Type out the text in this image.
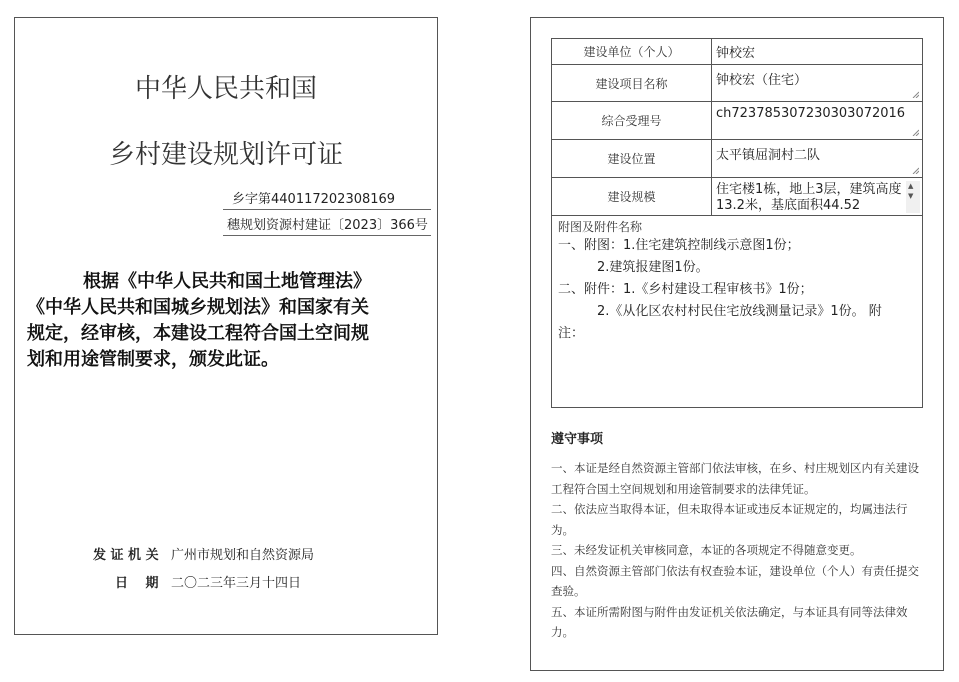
中华人民共和国
乡村建设规划许可证
乡字第440117202308169
穗规划资源村建证〔2023〕366号
根据《中华人民共和国土地管理法》
《中华人民共和国城乡规划法》和国家有关
规定，经审核，本建设工程符合国土空间规
划和用途管制要求，颁发此证。
发 证 机 关 广州市规划和自然资源局
日　 期 二〇二三年三月十四日
建设单位（个人）	钟校宏

建设项目名称	钟校宏（住宅）

综合受理号	ch723785307230303072016

建设位置	太平镇屈洞村二队

建设规模	住宅楼1栋，地上3层，建筑高度13.2米，基底面积44.52
▲
▼
附图及附件名称
一、附图：1.住宅建筑控制线示意图1份；
　　　2.建筑报建图1份。
二、附件：1.《乡村建设工程审核书》1份；
　　　2.《从化区农村村民住宅放线测量记录》1份。 附
注：
遵守事项

一、本证是经自然资源主管部门依法审核，在乡、村庄规划区内有关建设工程符合国土空间规划和用途管制要求的法律凭证。

二、依法应当取得本证，但未取得本证或违反本证规定的，均属违法行为。

三、未经发证机关审核同意，本证的各项规定不得随意变更。

四、自然资源主管部门依法有权查验本证，建设单位（个人）有责任提交查验。

五、本证所需附图与附件由发证机关依法确定，与本证具有同等法律效力。
